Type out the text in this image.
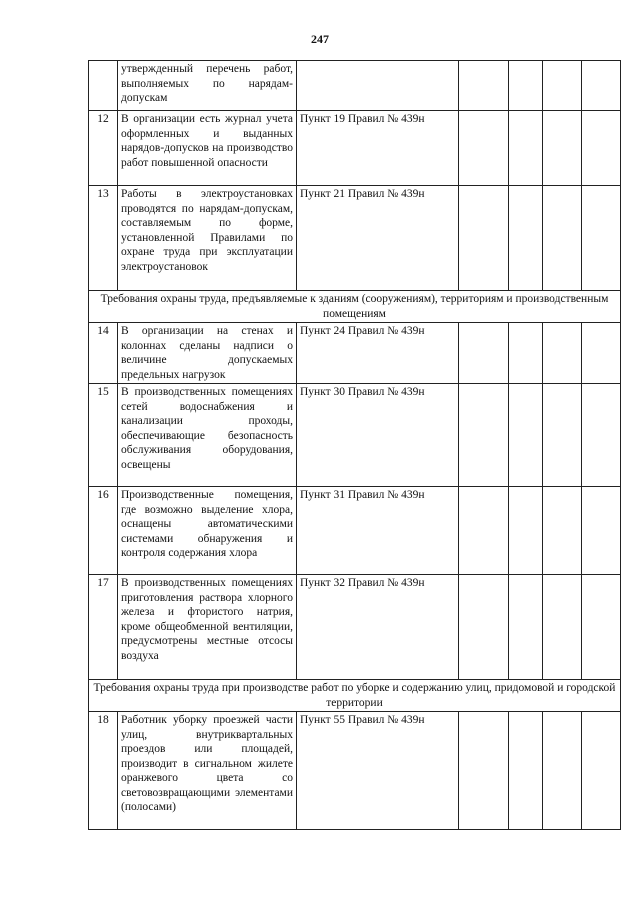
247
	утвержденный перечень работ, выполняемых по нарядам-допускам					
12	В организации есть журнал учета оформленных и выданных нарядов-допусков на производство работ повышенной опасности	Пункт 19 Правил № 439н				
13	Работы в электроустановках проводятся по нарядам-допускам, составляемым по форме, установленной Правилами по охране труда при эксплуатации электроустановок	Пункт 21 Правил № 439н				
Требования охраны труда, предъявляемые к зданиям (сооружениям), территориям и производственным помещениям						
14	В организации на стенах и колоннах сделаны надписи о величине допускаемых предельных нагрузок	Пункт 24 Правил № 439н				
15	В производственных помещениях сетей водоснабжения и канализации проходы, обеспечивающие безопасность обслуживания оборудования, освещены	Пункт 30 Правил № 439н				
16	Производственные помещения, где возможно выделение хлора, оснащены автоматическими системами обнаружения и контроля содержания хлора	Пункт 31 Правил № 439н				
17	В производственных помещениях приготовления раствора хлорного железа и фтористого натрия, кроме общеобменной вентиляции, предусмотрены местные отсосы воздуха	Пункт 32 Правил № 439н				
Требования охраны труда при производстве работ по уборке и содержанию улиц, придомовой и городской территории						
18	Работник уборку проезжей части улиц, внутриквартальных проездов или площадей, производит в сигнальном жилете оранжевого цвета со световозвращающими элементами (полосами)	Пункт 55 Правил № 439н				
